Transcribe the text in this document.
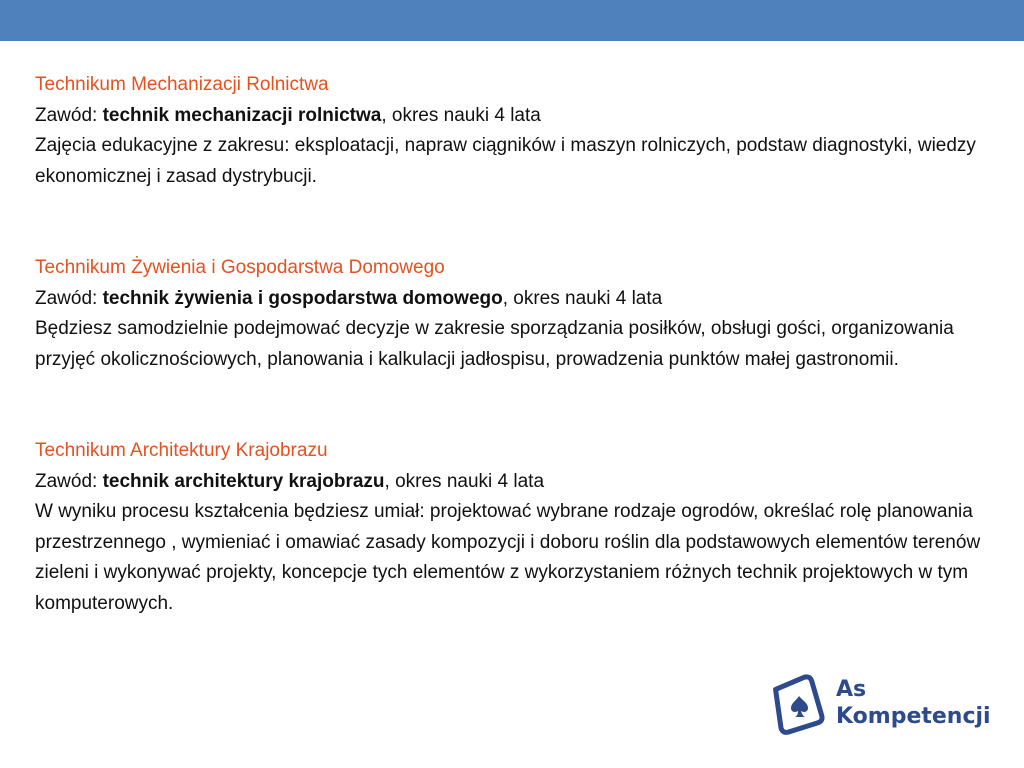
Technikum Mechanizacji Rolnictwa
Zawód: technik mechanizacji rolnictwa, okres nauki 4 lata
Zajęcia edukacyjne z zakresu: eksploatacji, napraw ciągników i maszyn rolniczych, podstaw diagnostyki, wiedzy ekonomicznej i zasad dystrybucji.
Technikum Żywienia i Gospodarstwa Domowego
Zawód: technik żywienia i gospodarstwa domowego, okres nauki 4 lata
Będziesz samodzielnie podejmować decyzje w zakresie sporządzania posiłków, obsługi gości, organizowania przyjęć okolicznościowych, planowania i kalkulacji jadłospisu, prowadzenia punktów małej gastronomii.
Technikum Architektury Krajobrazu
Zawód: technik architektury krajobrazu, okres nauki 4 lata
W wyniku procesu kształcenia będziesz umiał: projektować wybrane rodzaje ogrodów, określać rolę planowania przestrzennego , wymieniać i omawiać zasady kompozycji i doboru roślin dla podstawowych elementów terenów zieleni i wykonywać projekty, koncepcje tych elementów z wykorzystaniem różnych technik projektowych w tym komputerowych.
As
Kompetencji
